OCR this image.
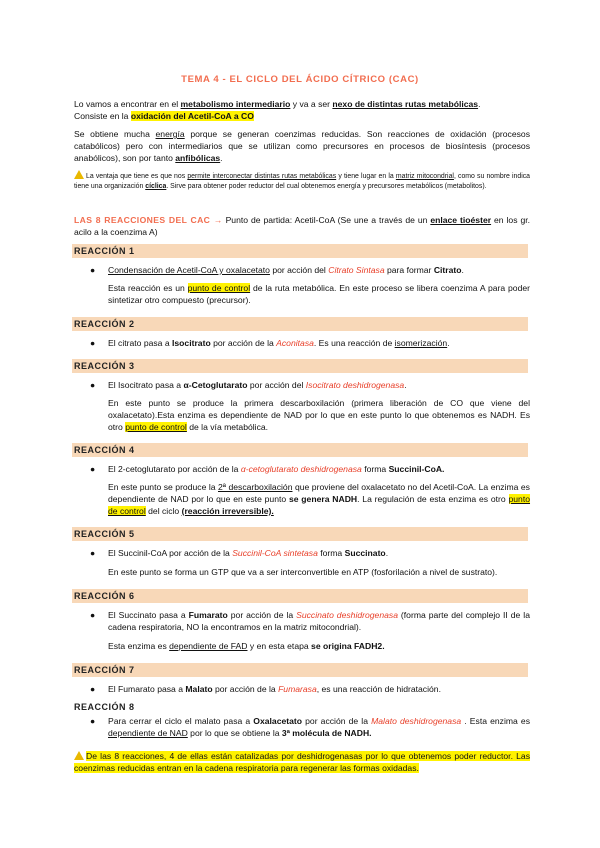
TEMA 4 - EL CICLO DEL ÁCIDO CÍTRICO (CAC)
Lo vamos a encontrar en el metabolismo intermediario y va a ser nexo de distintas rutas metabólicas.
Consiste en la oxidación del Acetil-CoA a CO
Se obtiene mucha energía porque se generan coenzimas reducidas. Son reacciones de oxidación (procesos catabólicos) pero con intermediarios que se utilizan como precursores en procesos de biosíntesis (procesos anabólicos), son por tanto anfibólicas.
La ventaja que tiene es que nos permite interconectar distintas rutas metabólicas y tiene lugar en la matriz mitocondrial, como su nombre indica tiene una organización cíclica. Sirve para obtener poder reductor del cual obtenemos energía y precursores metabólicos (metabolitos).
LAS 8 REACCIONES DEL CAC → Punto de partida: Acetil-CoA (Se une a través de un enlace tioéster en los gr. acilo a la coenzima A)
REACCIÓN 1
● Condensación de Acetil-CoA y oxalacetato por acción del Citrato Sintasa para formar Citrato.
Esta reacción es un punto de control de la ruta metabólica. En este proceso se libera coenzima A para poder sintetizar otro compuesto (precursor).
REACCIÓN 2
● El citrato pasa a Isocitrato por acción de la Aconitasa. Es una reacción de isomerización.
REACCIÓN 3
● El Isocitrato pasa a α-Cetoglutarato por acción del Isocitrato deshidrogenasa.
En este punto se produce la primera descarboxilación (primera liberación de CO que viene del oxalacetato).Esta enzima es dependiente de NAD por lo que en este punto lo que obtenemos es NADH. Es otro punto de control de la vía metabólica.
REACCIÓN 4
● El 2-cetoglutarato por acción de la α-cetoglutarato deshidrogenasa forma Succinil-CoA.
En este punto se produce la 2ª descarboxilación que proviene del oxalacetato no del Acetil-CoA. La enzima es dependiente de NAD por lo que en este punto se genera NADH. La regulación de esta enzima es otro punto de control del ciclo (reacción irreversible).
REACCIÓN 5
● El Succinil-CoA por acción de la Succinil-CoA sintetasa forma Succinato.
En este punto se forma un GTP que va a ser interconvertible en ATP (fosforilación a nivel de sustrato).
REACCIÓN 6
● El Succinato pasa a Fumarato por acción de la Succinato deshidrogenasa (forma parte del complejo II de la cadena respiratoria, NO la encontramos en la matriz mitocondrial).
Esta enzima es dependiente de FAD y en esta etapa se origina FADH2.
REACCIÓN 7
● El Fumarato pasa a Malato por acción de la Fumarasa, es una reacción de hidratación.
REACCIÓN 8
● Para cerrar el ciclo el malato pasa a Oxalacetato por acción de la Malato deshidrogenasa . Esta enzima es dependiente de NAD por lo que se obtiene la 3ª molécula de NADH.
De las 8 reacciones, 4 de ellas están catalizadas por deshidrogenasas por lo que obtenemos poder reductor. Las coenzimas reducidas entran en la cadena respiratoria para regenerar las formas oxidadas.
